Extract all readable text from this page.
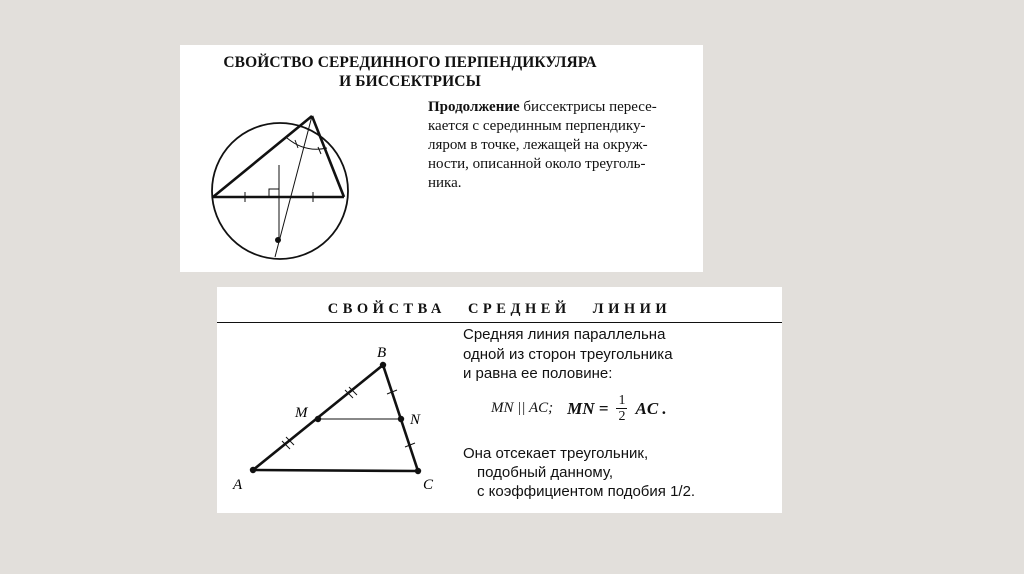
СВОЙСТВО СЕРЕДИННОГО ПЕРПЕНДИКУЛЯРА
И БИССЕКТРИСЫ
Продолжение биссектрисы пересе-
кается с серединным перпендику-
ляром в точке, лежащей на окруж-
ности, описанной около треуголь-
ника.
СВОЙСТВА СРЕДНЕЙ ЛИНИИ
A
B
C
M	N
Средняя линия параллельна
одной из сторон треугольника
и равна ее половине:
MN || AC; MN = $\frac{1}{2}$ AC .
Она отсекает треугольник,
подобный данному,
с коэффициентом подобия 1/2.
